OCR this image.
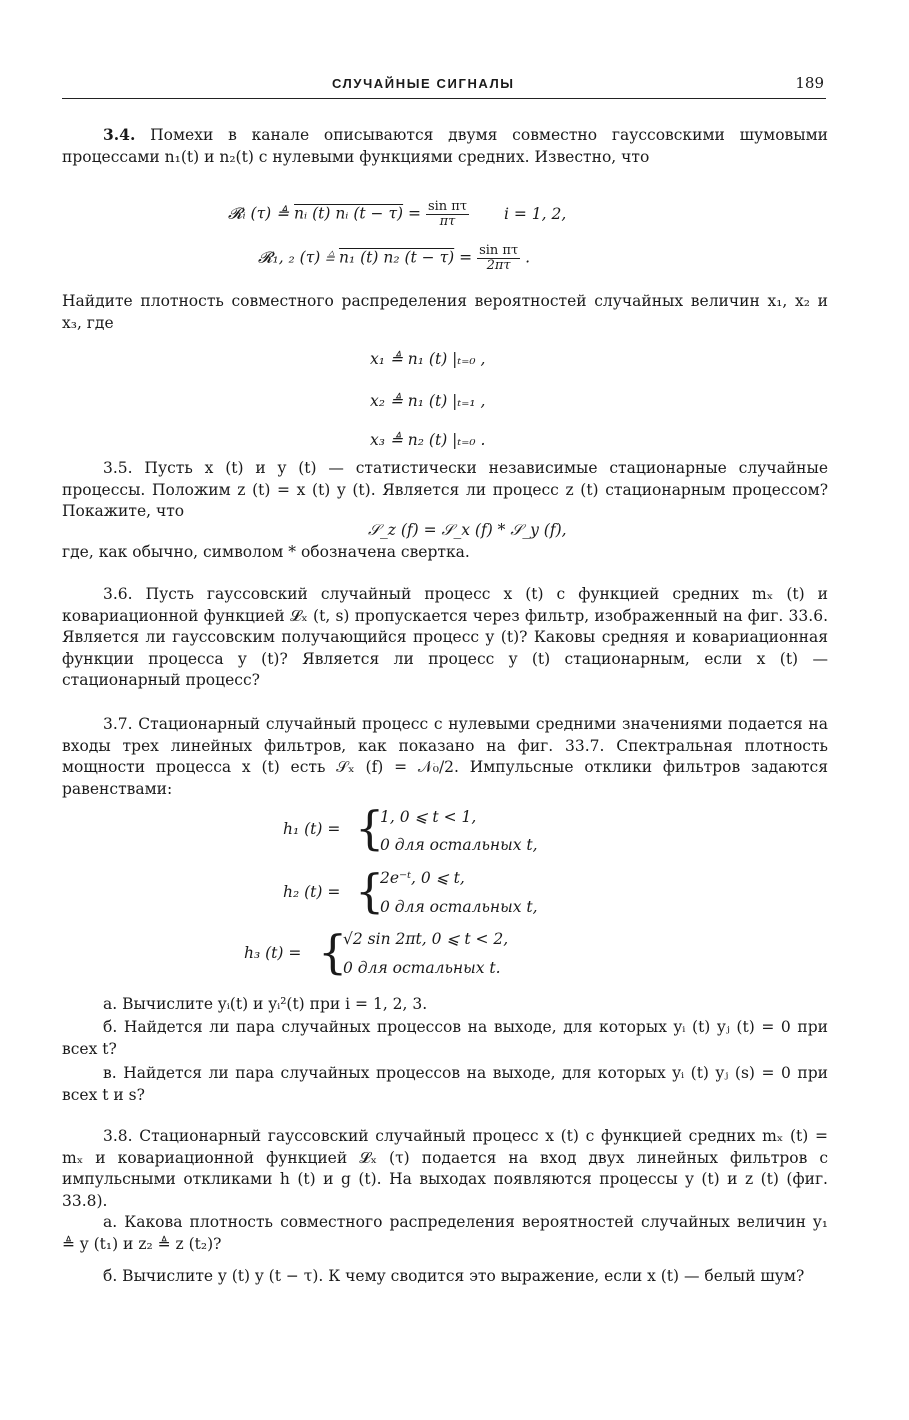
СЛУЧАЙНЫЕ СИГНАЛЫ	189
3.4. Помехи в канале описываются двумя совместно гауссовскими шумовыми процессами n₁(t) и n₂(t) с нулевыми функциями средних. Известно, что
𝓡ᵢ (τ) ≜ nᵢ (t) nᵢ $(t - \tau) = \frac{\text{sin πτ}}{\pi\tau}$ i = 1, 2,
𝓡₁, ₂ (τ) ≜ n₁ (t) n₂ $(t - \tau) = \frac{\text{sin πτ}}{2\pi\tau}$ .
Найдите плотность совместного распределения вероятностей случайных величин x₁, x₂ и x₃, где
x₁ ≜ n₁ (t) |ₜ₌₀ ,
x₂ ≜ n₁ (t) |ₜ₌₁ ,
x₃ ≜ n₂ (t) |ₜ₌₀ .
3.5. Пусть x (t) и y (t) — статистически независимые стационарные случайные процессы. Положим z (t) = x (t) y (t). Является ли процесс z (t) стационарным процессом? Покажите, что
𝒮_z (f) = 𝒮_x (f) * 𝒮_y (f),
где, как обычно, символом * обозначена свертка.
3.6. Пусть гауссовский случайный процесс x (t) с функцией средних mₓ (t) и ковариационной функцией 𝓛ₓ (t, s) пропускается через фильтр, изображенный на фиг. 33.6. Является ли гауссовским получающийся процесс y (t)? Каковы средняя и ковариационная функции процесса y (t)? Является ли процесс y (t) стационарным, если x (t) — стационарный процесс?
3.7. Стационарный случайный процесс с нулевыми средними значениями подается на входы трех линейных фильтров, как показано на фиг. 33.7. Спектральная плотность мощности процесса x (t) есть 𝒮ₓ (f) = 𝒩₀/2. Импульсные отклики фильтров задаются равенствами:
h₁ (t) = {
1, 0 ⩽ t < 1,
0 для остальных t,
h₂ (t) = {
2e⁻ᵗ, 0 ⩽ t,
0 для остальных t,
h₃ (t) = {
√2 sin 2πt, 0 ⩽ t < 2,
0 для остальных t.
а. Вычислите yᵢ(t) и yᵢ²(t) при i = 1, 2, 3.
б. Найдется ли пара случайных процессов на выходе, для которых yᵢ (t) yⱼ (t) = 0 при всех t?
в. Найдется ли пара случайных процессов на выходе, для которых yᵢ (t) yⱼ (s) = 0 при всех t и s?
3.8. Стационарный гауссовский случайный процесс x (t) с функцией средних mₓ (t) = mₓ и ковариационной функцией 𝓛ₓ (τ) подается на вход двух линейных фильтров с импульсными откликами h (t) и g (t). На выходах появляются процессы y (t) и z (t) (фиг. 33.8).
а. Какова плотность совместного распределения вероятностей случайных величин y₁ ≜ y (t₁) и z₂ ≜ z (t₂)?
б. Вычислите y (t) y (t − τ). К чему сводится это выражение, если x (t) — белый шум?
